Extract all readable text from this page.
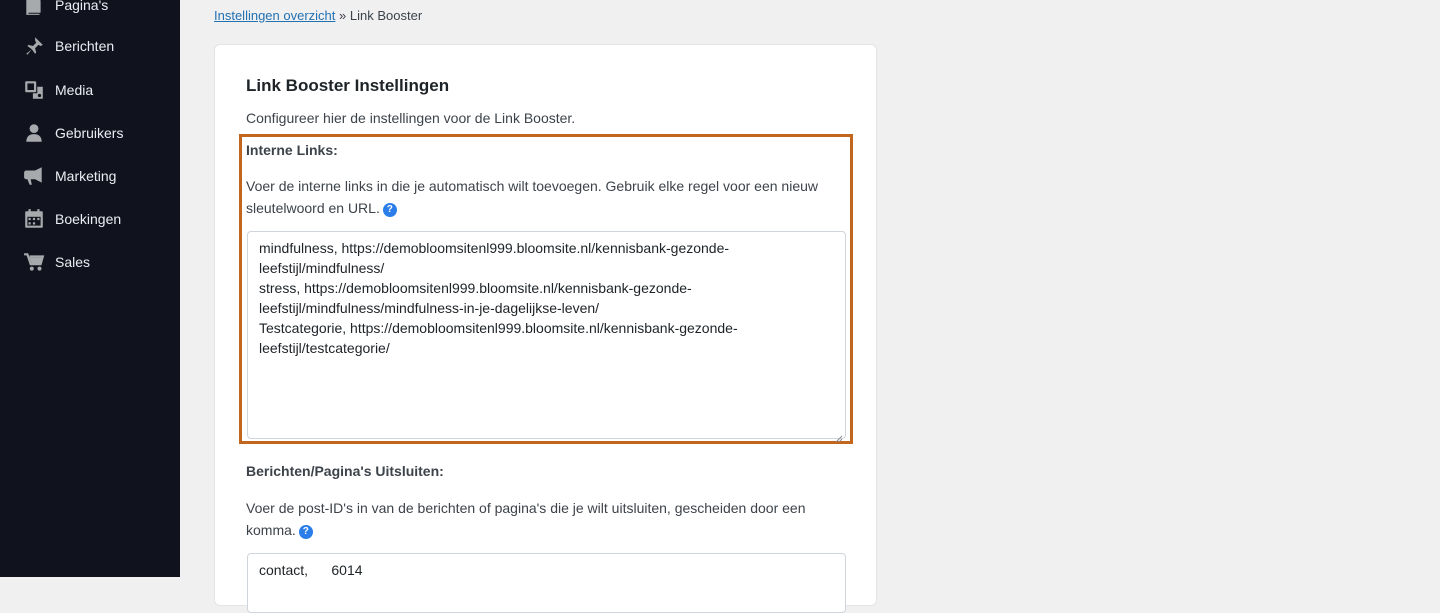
Pagina's
Berichten
Media
Gebruikers
Marketing
Boekingen
Sales
Instellingen overzicht » Link Booster
Link Booster Instellingen
Configureer hier de instellingen voor de Link Booster.
Interne Links:
Voer de interne links in die je automatisch wilt toevoegen. Gebruik elke regel voor een nieuw sleutelwoord en URL. ?
mindfulness, https://demobloomsitenl999.bloomsite.nl/kennisbank-gezonde-
leefstijl/mindfulness/
stress, https://demobloomsitenl999.bloomsite.nl/kennisbank-gezonde-
leefstijl/mindfulness/mindfulness-in-je-dagelijkse-leven/
Testcategorie, https://demobloomsitenl999.bloomsite.nl/kennisbank-gezonde-
leefstijl/testcategorie/
Berichten/Pagina's Uitsluiten:
Voer de post-ID's in van de berichten of pagina's die je wilt uitsluiten, gescheiden door een komma. ?
contact,      6014
